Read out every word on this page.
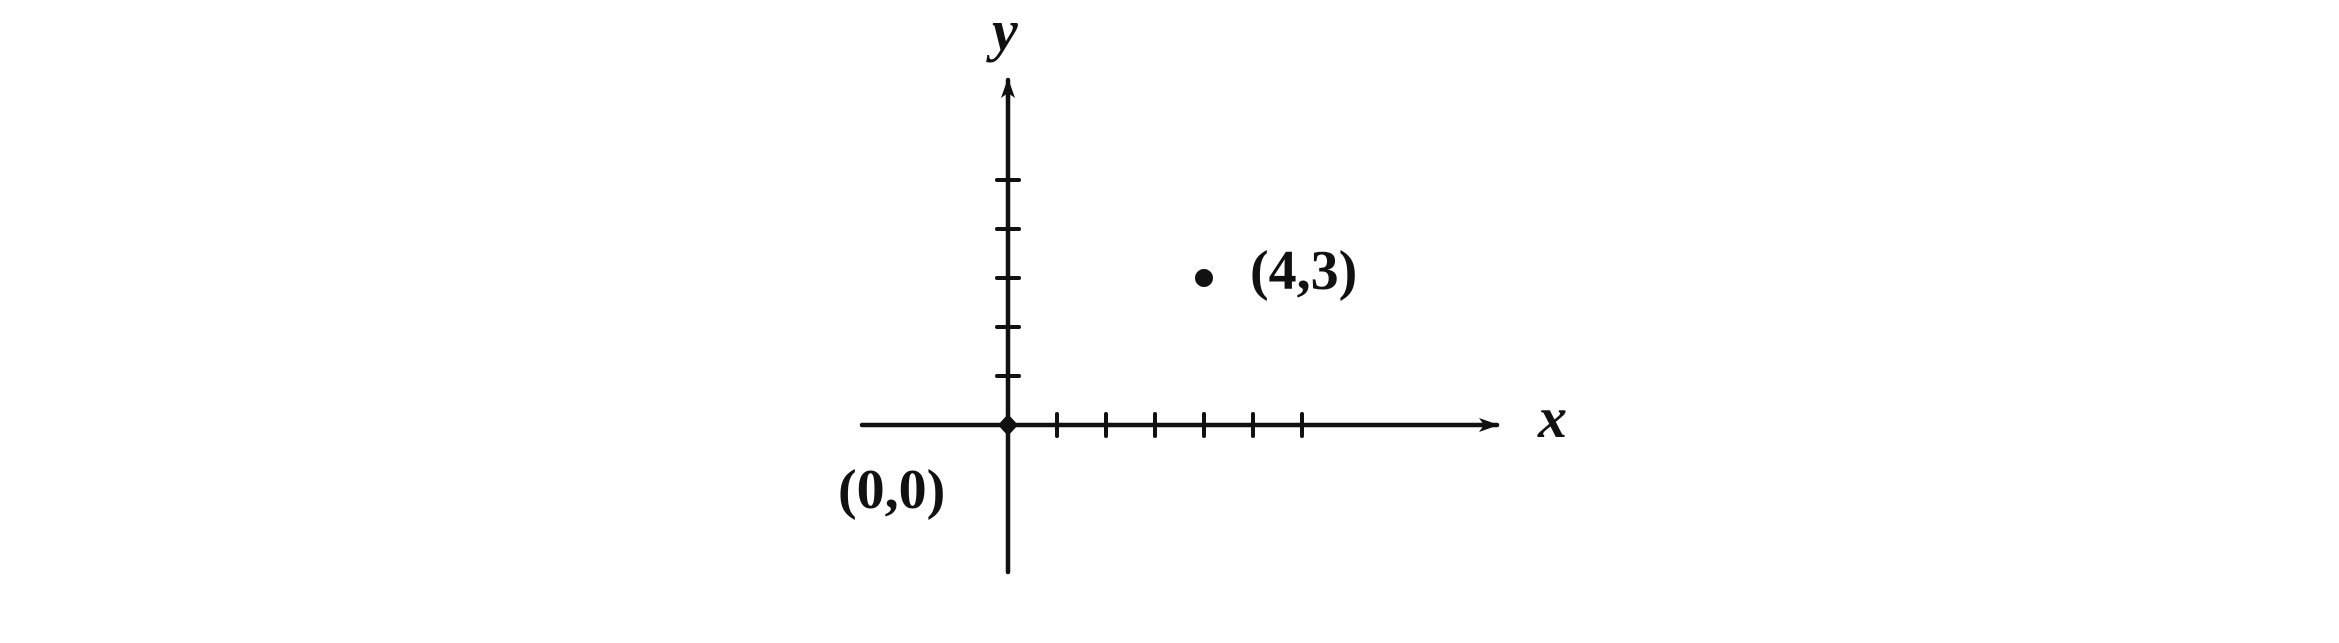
x
y
(0,0)
(4,3)
